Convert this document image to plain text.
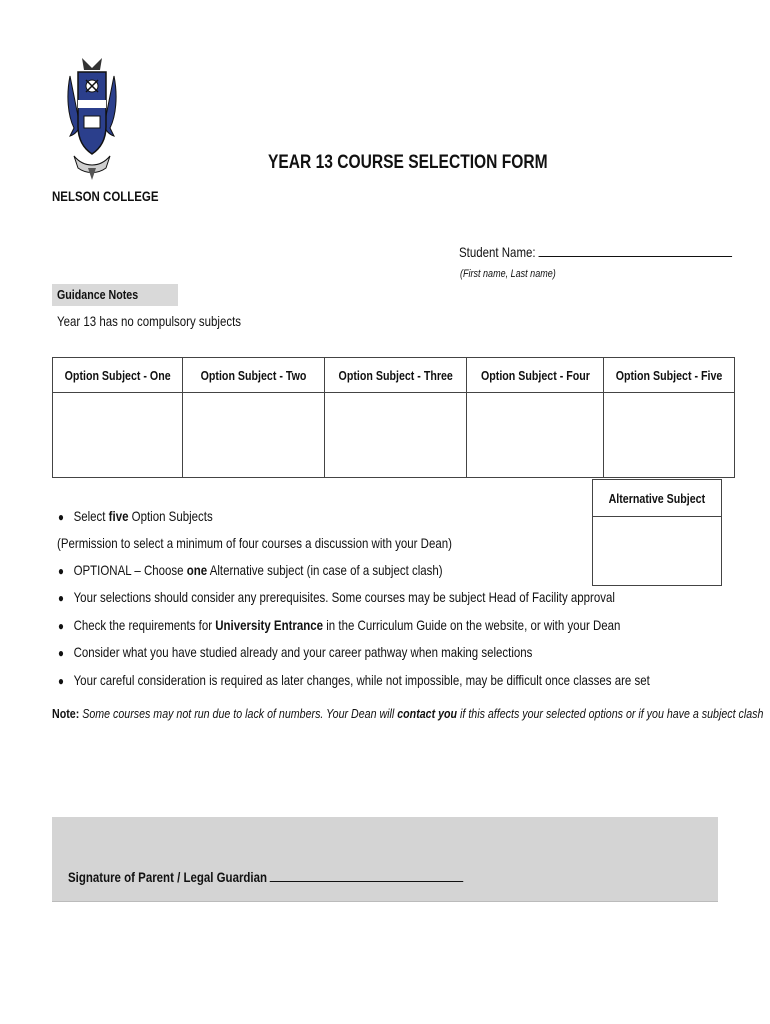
NELSON COLLEGE
YEAR 13 COURSE SELECTION FORM
Student Name:
(First name, Last name)
Guidance Notes
Year 13 has no compulsory subjects
Option Subject - One	Option Subject - Two	Option Subject - Three	Option Subject - Four	Option Subject - Five

Alternative Subject

● Select five Option Subjects
(Permission to select a minimum of four courses a discussion with your Dean)
● OPTIONAL – Choose one Alternative subject (in case of a subject clash)
● Your selections should consider any prerequisites. Some courses may be subject Head of Facility approval
● Check the requirements for University Entrance in the Curriculum Guide on the website, or with your Dean
● Consider what you have studied already and your career pathway when making selections
● Your careful consideration is required as later changes, while not impossible, may be difficult once classes are set
Note: Some courses may not run due to lack of numbers. Your Dean will contact you if this affects your selected options or if you have a subject clash
Signature of Parent / Legal Guardian
